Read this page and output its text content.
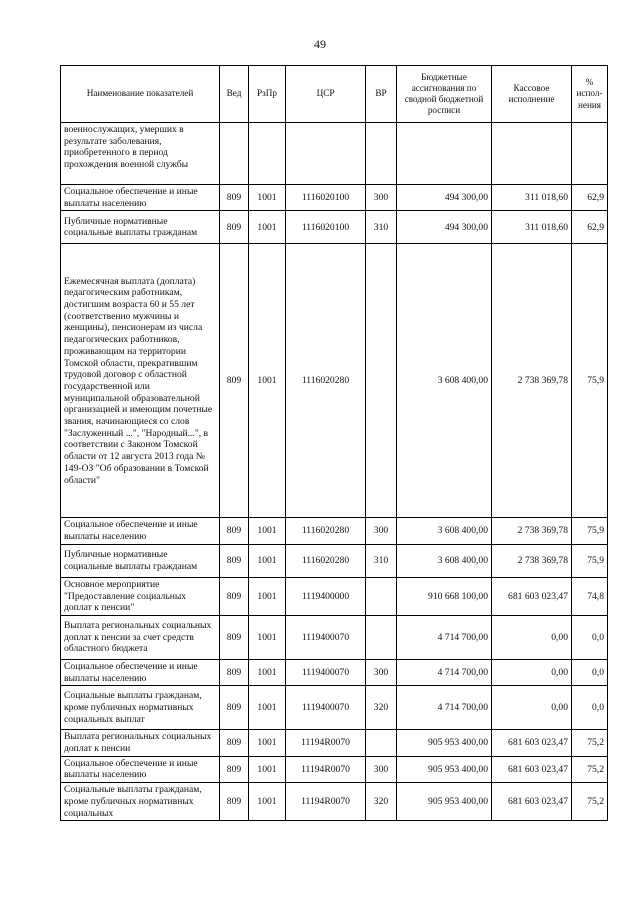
49
Наименование показателей	Вед	РзПр	ЦСР	ВР	Бюджетные ассигнования по сводной бюджетной росписи	Кассовое исполнение	% испол-нения
военнослужащих, умерших в результате заболевания, приобретенного в период прохождения военной службы							
Социальное обеспечение и иные выплаты населению	809	1001	1116020100	300	494 300,00	311 018,60	62,9
Публичные нормативные социальные выплаты гражданам	809	1001	1116020100	310	494 300,00	311 018,60	62,9
Ежемесячная выплата (доплата) педагогическим работникам, достигшим возраста 60 и 55 лет (соответственно мужчины и женщины), пенсионерам из числа педагогических работников, проживающим на территории Томской области, прекратившим трудовой договор с областной государственной или муниципальной образовательной организацией и имеющим почетные звания, начинающиеся со слов "Заслуженный ...", "Народный...", в соответствии с Законом Томской области от 12 августа 2013 года № 149-ОЗ "Об образовании в Томской области"	809	1001	1116020280		3 608 400,00	2 738 369,78	75,9
Социальное обеспечение и иные выплаты населению	809	1001	1116020280	300	3 608 400,00	2 738 369,78	75,9
Публичные нормативные социальные выплаты гражданам	809	1001	1116020280	310	3 608 400,00	2 738 369,78	75,9
Основное мероприятие "Предоставление социальных доплат к пенсии"	809	1001	1119400000		910 668 100,00	681 603 023,47	74,8
Выплата региональных социальных доплат к пенсии за счет средств областного бюджета	809	1001	1119400070		4 714 700,00	0,00	0,0
Социальное обеспечение и иные выплаты населению	809	1001	1119400070	300	4 714 700,00	0,00	0,0
Социальные выплаты гражданам, кроме публичных нормативных социальных выплат	809	1001	1119400070	320	4 714 700,00	0,00	0,0
Выплата региональных социальных доплат к пенсии	809	1001	11194R0070		905 953 400,00	681 603 023,47	75,2
Социальное обеспечение и иные выплаты населению	809	1001	11194R0070	300	905 953 400,00	681 603 023,47	75,2
Социальные выплаты гражданам, кроме публичных нормативных социальных	809	1001	11194R0070	320	905 953 400,00	681 603 023,47	75,2
